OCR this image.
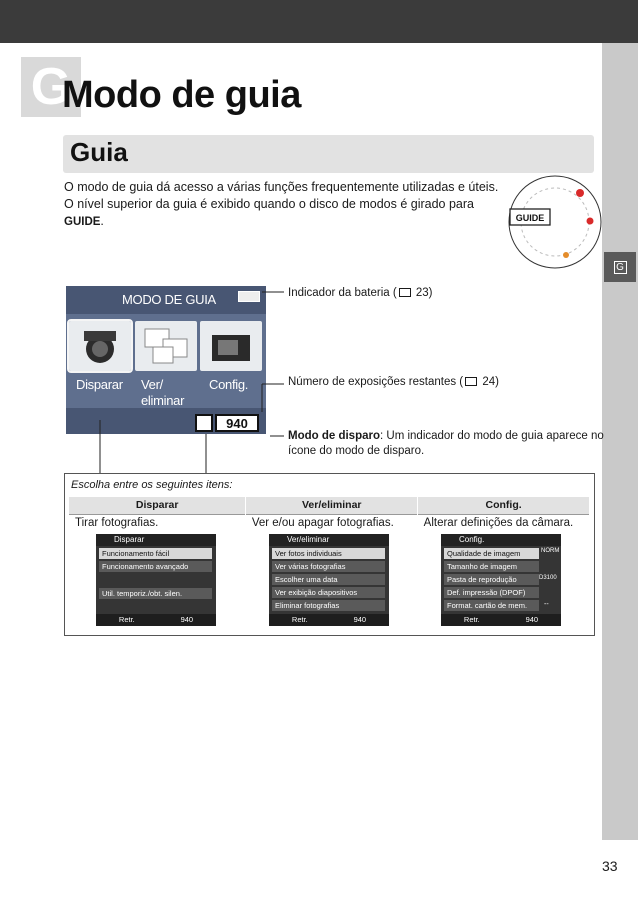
G
G
Modo de guia
Guia
O modo de guia dá acesso a várias funções frequentemente utilizadas e úteis.
O nível superior da guia é exibido quando o disco de modos é girado para
GUIDE.	GUIDE
MODO DE GUIA
Disparar Ver/
eliminar
Config.
940
Indicador da bateria ( 23)
Número de exposições restantes ( 24)
Modo de disparo: Um indicador do modo de guia aparece no
ícone do modo de disparo.
Escolha entre os seguintes itens:
Disparar	Ver/eliminar	Config.
Tirar fotografias.	Ver e/ou apagar fotografias.	Alterar definições da câmara.
Disparar
Funcionamento fácil
Funcionamento avançado
Util. temporiz./obt. silen.
Retr.	940
Ver/eliminar
Ver fotos individuais
Ver várias fotografias
Escolher uma data
Ver exibição diapositivos
Eliminar fotografias
Retr.	940
Config.
Qualidade de imagem
Tamanho de imagem
Pasta de reprodução
Def. impressão (DPOF)
Format. cartão de mem.
NORM
D3100
--
Retr.	940
33
